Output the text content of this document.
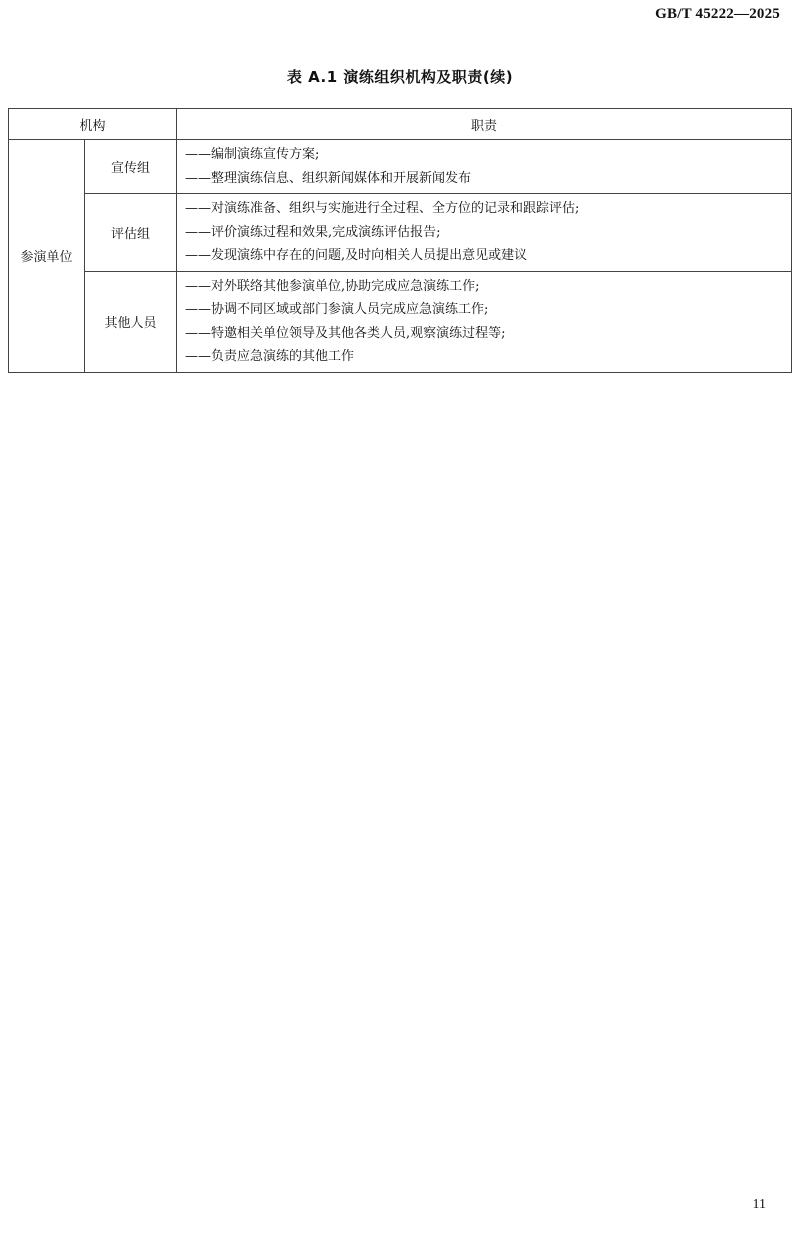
GB/T 45222—2025
表 A.1 演练组织机构及职责(续)
机构		职责
参演单位	宣传组	——编制演练宣传方案;
——整理演练信息、组织新闻媒体和开展新闻发布

	评估组	——对演练准备、组织与实施进行全过程、全方位的记录和跟踪评估;
——评价演练过程和效果,完成演练评估报告;
——发现演练中存在的问题,及时向相关人员提出意见或建议

	其他人员	——对外联络其他参演单位,协助完成应急演练工作;
——协调不同区域或部门参演人员完成应急演练工作;
——特邀相关单位领导及其他各类人员,观察演练过程等;
——负责应急演练的其他工作
11
